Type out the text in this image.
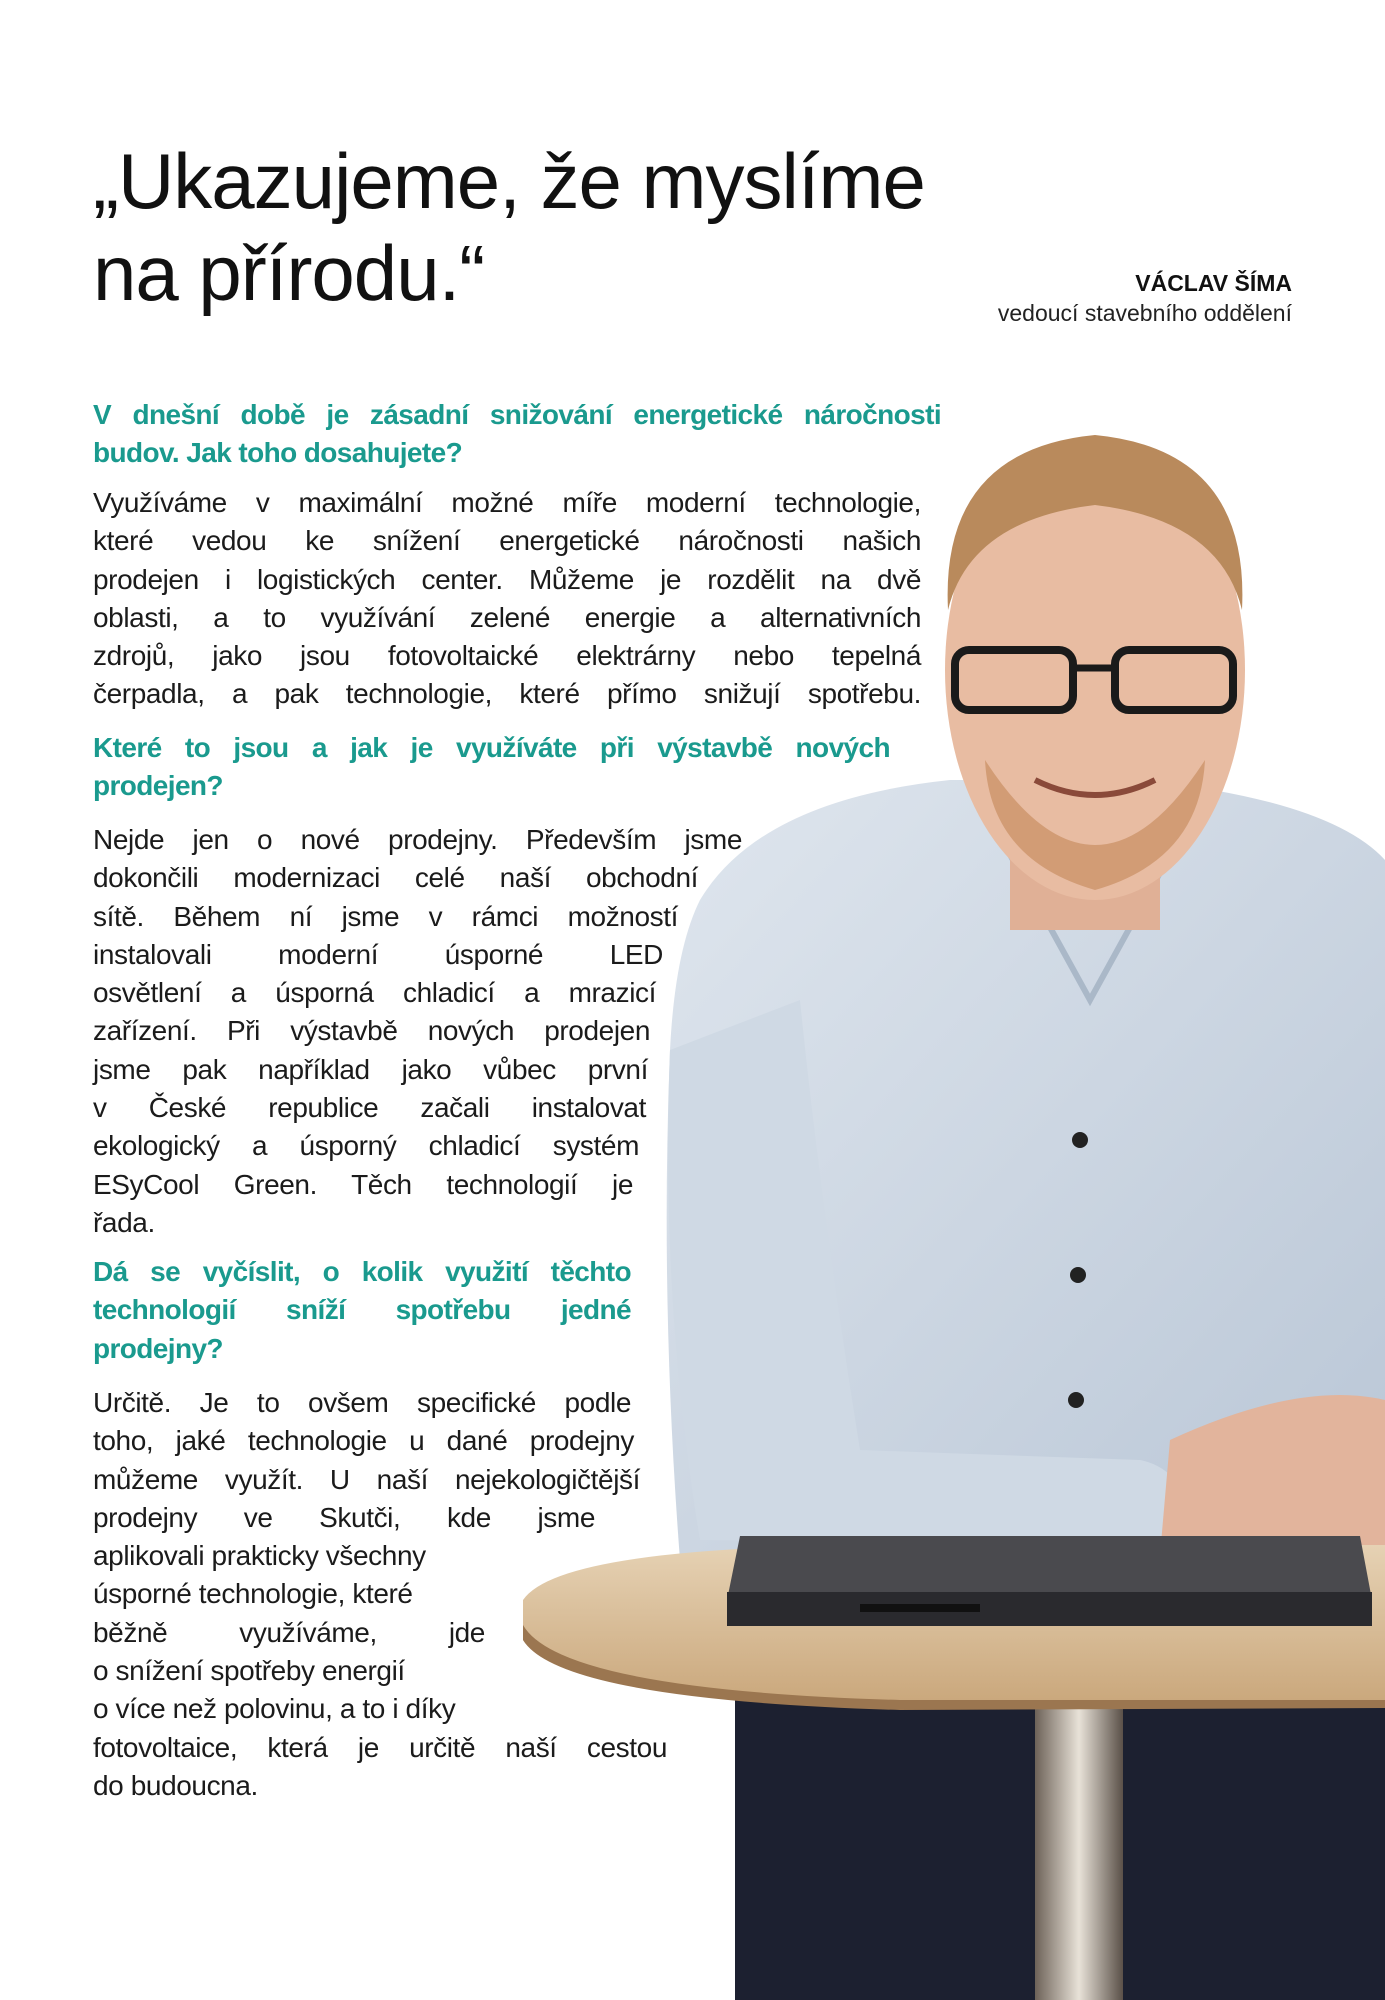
„Ukazujeme, že myslíme
na přírodu.“	VÁCLAV ŠÍMA
vedoucí stavebního oddělení
V dnešní době je zásadní snižování energetické náročnosti
budov. Jak toho dosahujete?
Využíváme v maximální možné míře moderní technologie,
které vedou ke snížení energetické náročnosti našich
prodejen i logistických center. Můžeme je rozdělit na dvě
oblasti, a to využívání zelené energie a alternativních
zdrojů, jako jsou fotovoltaické elektrárny nebo tepelná
čerpadla, a pak technologie, které přímo snižují spotřebu.
Které to jsou a jak je využíváte při výstavbě nových
prodejen?
Nejde jen o nové prodejny. Především jsme
dokončili modernizaci celé naší obchodní
sítě. Během ní jsme v rámci možností
instalovali moderní úsporné LED
osvětlení a úsporná chladicí a mrazicí
zařízení. Při výstavbě nových prodejen
jsme pak například jako vůbec první
v České republice začali instalovat
ekologický a úsporný chladicí systém
ESyCool Green. Těch technologií je
řada.
Dá se vyčíslit, o kolik využití těchto
technologií sníží spotřebu jedné
prodejny?
Určitě. Je to ovšem specifické podle
toho, jaké technologie u dané prodejny
můžeme využít. U naší nejekologičtější
prodejny ve Skutči, kde jsme
aplikovali prakticky všechny
úsporné technologie, které
běžně využíváme, jde
o snížení spotřeby energií
o více než polovinu, a to i díky
fotovoltaice, která je určitě naší cestou
do budoucna.
